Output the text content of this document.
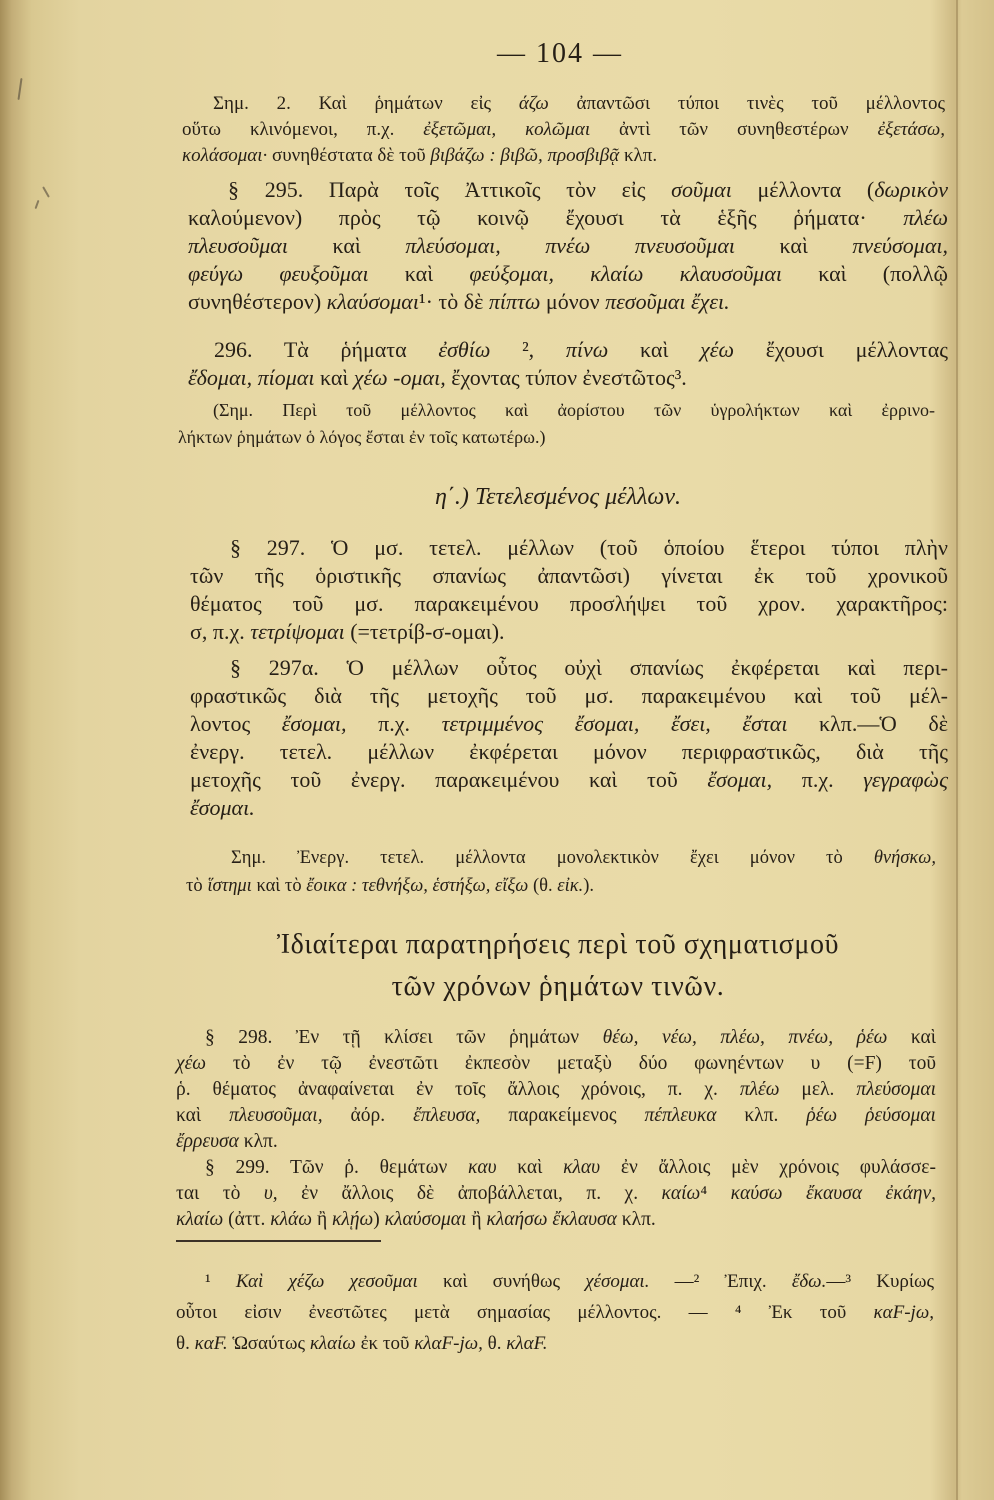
— 104 —
Σημ. 2. Καὶ ῥημάτων εἰς άζω ἀπαντῶσι τύποι τινὲς τοῦ μέλλοντος
οὕτω κλινόμενοι, π.χ. ἐξετῶμαι, κολῶμαι ἀντὶ τῶν συνηθεστέρων ἐξετάσω,
κολάσομαι· συνηθέστατα δὲ τοῦ βιβάζω : βιβῶ, προσβιβᾷ κλπ.
§ 295. Παρὰ τοῖς Ἀττικοῖς τὸν εἰς σοῦμαι μέλλοντα (δωρικὸν
καλούμενον) πρὸς τῷ κοινῷ ἔχουσι τὰ ἑξῆς ῥήματα· πλέω
πλευσοῦμαι καὶ πλεύσομαι, πνέω πνευσοῦμαι καὶ πνεύσομαι,
φεύγω φευξοῦμαι καὶ φεύξομαι, κλαίω κλαυσοῦμαι καὶ (πολλῷ
συνηθέστερον) κλαύσομαι¹· τὸ δὲ πίπτω μόνον πεσοῦμαι ἔχει.
296. Τὰ ῥήματα ἐσθίω ², πίνω καὶ χέω ἔχουσι μέλλοντας
ἔδομαι, πίομαι καὶ χέω -ομαι, ἔχοντας τύπον ἐνεστῶτος³.
(Σημ. Περὶ τοῦ μέλλοντος καὶ ἀορίστου τῶν ὑγρολήκτων καὶ ἐρρινο-
λήκτων ῥημάτων ὁ λόγος ἔσται ἐν τοῖς κατωτέρω.)
η΄.) Τετελεσμένος μέλλων.
§ 297. Ὁ μσ. τετελ. μέλλων (τοῦ ὁποίου ἕτεροι τύποι πλὴν
τῶν τῆς ὁριστικῆς σπανίως ἀπαντῶσι) γίνεται ἐκ τοῦ χρονικοῦ
θέματος τοῦ μσ. παρακειμένου προσλήψει τοῦ χρον. χαρακτῆρος:
σ, π.χ. τετρίψομαι (=τετρίβ-σ-ομαι).
§ 297α. Ὁ μέλλων οὗτος οὐχὶ σπανίως ἐκφέρεται καὶ περι-
φραστικῶς διὰ τῆς μετοχῆς τοῦ μσ. παρακειμένου καὶ τοῦ μέλ-
λοντος ἔσομαι, π.χ. τετριμμένος ἔσομαι, ἔσει, ἔσται κλπ.—Ὁ δὲ
ἐνεργ. τετελ. μέλλων ἐκφέρεται μόνον περιφραστικῶς, διὰ τῆς
μετοχῆς τοῦ ἐνεργ. παρακειμένου καὶ τοῦ ἔσομαι, π.χ. γεγραφὼς
ἔσομαι.
Σημ. Ἐνεργ. τετελ. μέλλοντα μονολεκτικὸν ἔχει μόνον τὸ θνήσκω,
τὸ ἵστημι καὶ τὸ ἔοικα : τεθνήξω, ἑστήξω, εἴξω (θ. εἰκ.).
Ἰδιαίτεραι παρατηρήσεις περὶ τοῦ σχηματισμοῦ
τῶν χρόνων ῥημάτων τινῶν.
§ 298. Ἐν τῇ κλίσει τῶν ῥημάτων θέω, νέω, πλέω, πνέω, ῥέω καὶ
χέω τὸ ἐν τῷ ἐνεστῶτι ἐκπεσὸν μεταξὺ δύο φωνηέντων υ (=F) τοῦ
ῥ. θέματος ἀναφαίνεται ἐν τοῖς ἄλλοις χρόνοις, π. χ. πλέω μελ. πλεύσομαι
καὶ πλευσοῦμαι, ἀόρ. ἔπλευσα, παρακείμενος πέπλευκα κλπ. ῥέω ῥεύσομαι
ἔρρευσα κλπ.
§ 299. Τῶν ῥ. θεμάτων καυ καὶ κλαυ ἐν ἄλλοις μὲν χρόνοις φυλάσσε-
ται τὸ υ, ἐν ἄλλοις δὲ ἀποβάλλεται, π. χ. καίω⁴ καύσω ἔκαυσα ἐκάην,
κλαίω (ἀττ. κλάω ἢ κλῄω) κλαύσομαι ἢ κλαήσω ἔκλαυσα κλπ.
¹ Καὶ χέζω χεσοῦμαι καὶ συνήθως χέσομαι. —² Ἐπιχ. ἔδω.—³ Κυρίως
οὗτοι εἰσιν ἐνεστῶτες μετὰ σημασίας μέλλοντος. — ⁴ Ἐκ τοῦ καF-jω,
θ. καF. Ὡσαύτως κλαίω ἐκ τοῦ κλαF-jω, θ. κλαF.
